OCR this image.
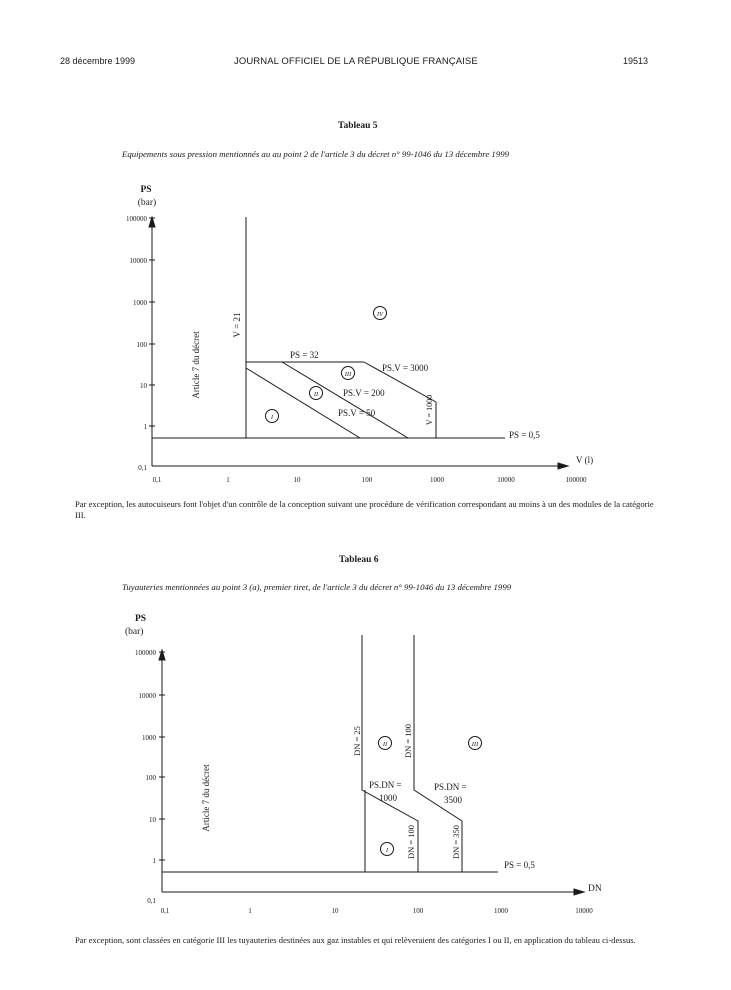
28 décembre 1999	JOURNAL OFFICIEL DE LA RÉPUBLIQUE FRANÇAISE	19513
Tableau 5
Equipements sous pression mentionnés au au point 2 de l'article 3 du décret n° 99-1046 du 13 décembre 1999
PS
(bar)
V (l)
100000
10000
1000
100
10
1
0,1
0,1	1	10	100	1000	10000	100000
Article 7 du décret
V = 21
V = 1000
PS = 32
PS.V = 3000
PS.V = 200
PS.V = 50
PS = 0,5
IV
III
II
I
Par exception, les autocuiseurs font l'objet d'un contrôle de la conception suivant une procédure de vérification correspondant au moins à un des modules de la catégorie III.
Tableau 6
Tuyauteries mentionnées au point 3 (a), premier tiret, de l'article 3 du décret n° 99-1046 du 13 décembre 1999
PS
(bar)
DN
100000
10000
1000
100
10
1
0,1
0,1	1	10	100	1000	10000
Article 7 du décret
DN = 25	DN = 100
DN = 100	DN = 350
PS.DN =
1000
PS.DN =
3500
PS = 0,5
II	III
I
Par exception, sont classées en catégorie III les tuyauteries destinées aux gaz instables et qui relèveraient des catégories I ou II, en application du tableau ci-dessus.
